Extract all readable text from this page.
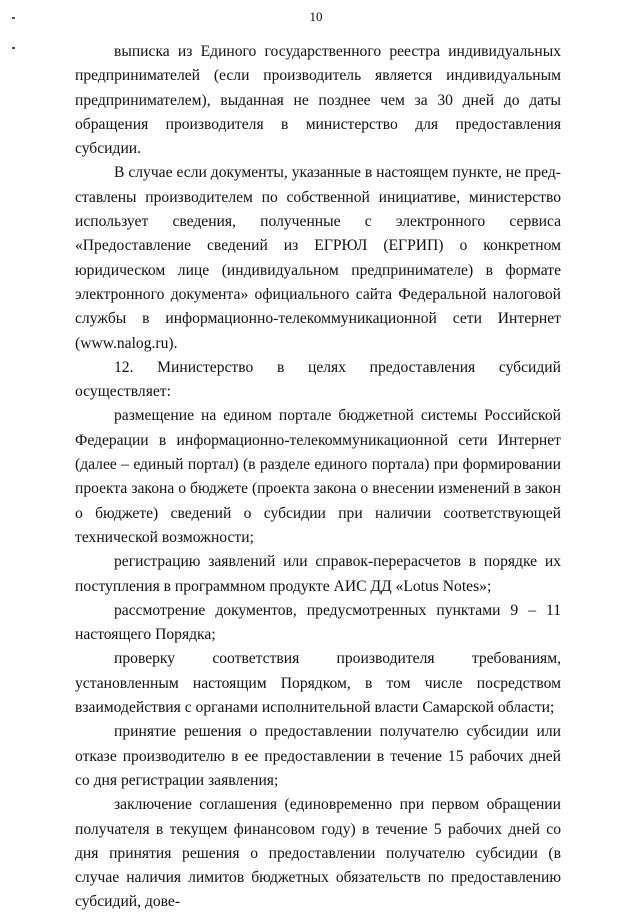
10

выписка из Единого государственного реестра индивидуальных предпринимателей (если производитель является индивидуальным предпринимателем), выданная не позднее чем за 30 дней до даты обращения производителя в министерство для предоставления субсидии.

В случае если документы, указанные в настоящем пункте, не представлены производителем по собственной инициативе, министерство использует сведения, полученные с электронного сервиса «Предоставление сведений из ЕГРЮЛ (ЕГРИП) о конкретном юридическом лице (индивидуальном предпринимателе) в формате электронного документа» официального сайта Федеральной налоговой службы в информационно-телекоммуникационной сети Интернет (www.nalog.ru).

12. Министерство в целях предоставления субсидий осуществляет:

размещение на едином портале бюджетной системы Российской Федерации в информационно-телекоммуникационной сети Интернет (далее – единый портал) (в разделе единого портала) при формировании проекта закона о бюджете (проекта закона о внесении изменений в закон о бюджете) сведений о субсидии при наличии соответствующей технической возможности;

регистрацию заявлений или справок-перерасчетов в порядке их поступления в программном продукте АИС ДД «Lotus Notes»;

рассмотрение документов, предусмотренных пунктами 9 – 11 настоящего Порядка;

проверку соответствия производителя требованиям, установленным настоящим Порядком, в том числе посредством взаимодействия с органами исполнительной власти Самарской области;

принятие решения о предоставлении получателю субсидии или отказе производителю в ее предоставлении в течение 15 рабочих дней со дня регистрации заявления;

заключение соглашения (единовременно при первом обращении получателя в текущем финансовом году) в течение 5 рабочих дней со дня принятия решения о предоставлении получателю субсидии (в случае наличия лимитов бюджетных обязательств по предоставлению субсидий, дове-
